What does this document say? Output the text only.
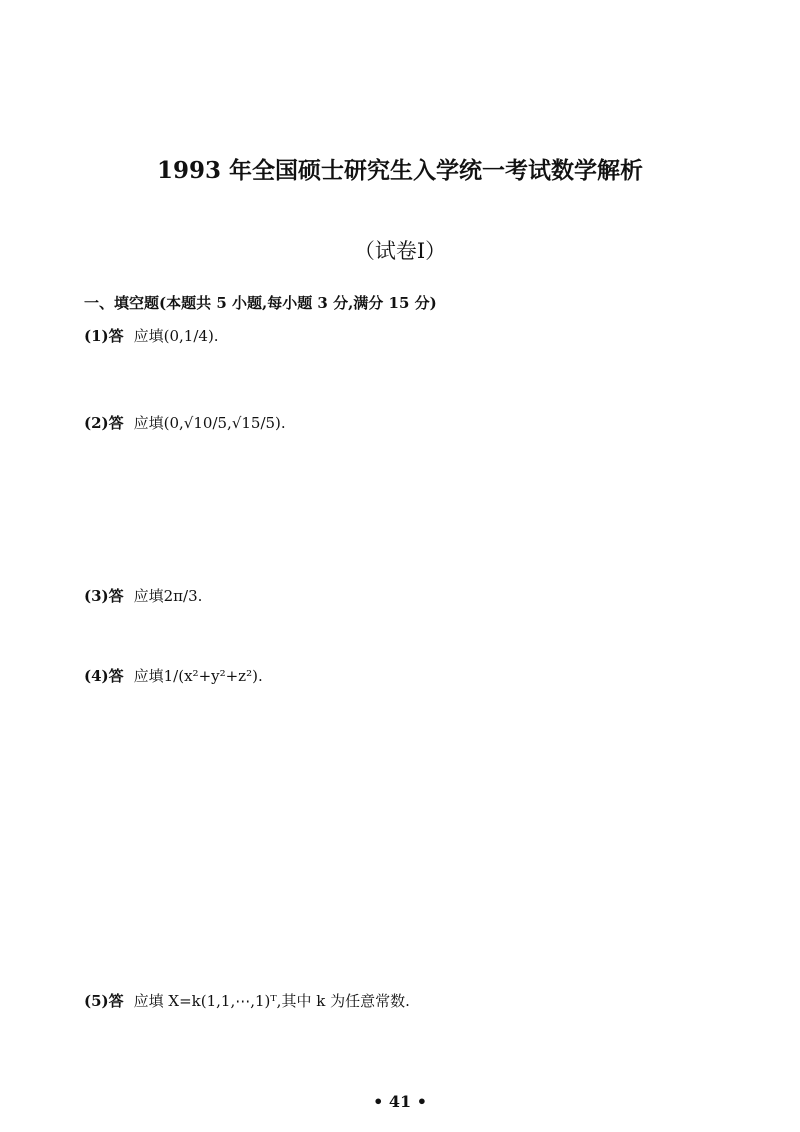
1993 年全国硕士研究生入学统一考试数学解析
（试卷Ⅰ）
一、填空题(本题共 5 小题,每小题 3 分,满分 15 分)
(1)答 应填(0,1/4).
(2)答 应填(0,√10/5,√15/5).
(3)答 应填2π/3.
(4)答 应填1/(x²+y²+z²).
(5)答 应填 X=k(1,1,⋯,1)ᵀ,其中 k 为任意常数.
• 41 •
